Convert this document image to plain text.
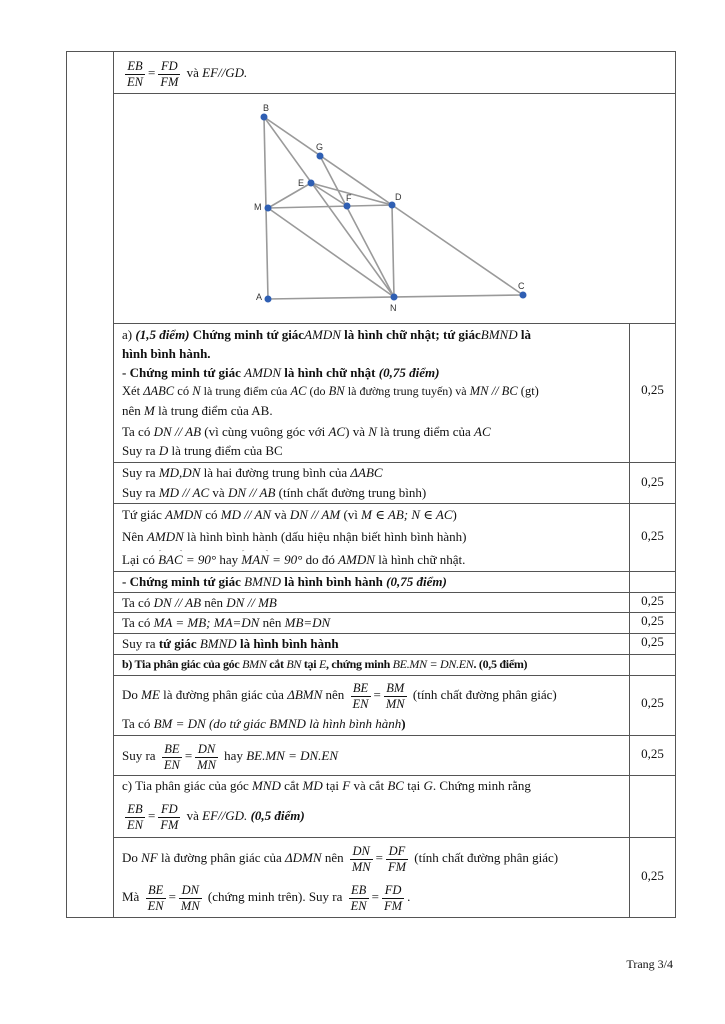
$\frac{EB}{EN} = \frac{FD}{FM}$ và EF//GD.
B
G
E
F	D
M
A
N
C
a) (1,5 điểm) Chứng minh tứ giácAMDN là hình chữ nhật; tứ giácBMND là
hình bình hành.
- Chứng minh tứ giác AMDN là hình chữ nhật (0,75 điểm)
Xét ΔABC có N là trung điểm của AC (do BN là đường trung tuyến) và MN // BC (gt)
nên M là trung điểm của AB.
Ta có DN // AB (vì cùng vuông góc với AC) và N là trung điểm của AC
Suy ra D là trung điểm của BC
0,25
Suy ra MD,DN là hai đường trung bình của ΔABC
Suy ra MD // AC và DN // AB (tính chất đường trung bình)
0,25
Tứ giác AMDN có MD // AN và DN // AM (vì M ∈ AB; N ∈ AC)
Nên AMDN là hình bình hành (dấu hiệu nhận biết hình bình hành)
Lại có BAC = 90° hay MAN = 90° do đó AMDN là hình chữ nhật.
0,25
- Chứng minh tứ giác BMND là hình bình hành (0,75 điểm)
Ta có DN // AB nên DN // MB	0,25
Ta có MA = MB; MA=DN nên MB=DN	0,25
Suy ra tứ giác BMND là hình bình hành	0,25
b) Tia phân giác của góc BMN cắt BN tại E, chứng minh BE.MN = DN.EN. (0,5 điểm)
Do ME là đường phân giác của ΔBMN nên $\frac{BE}{EN} = \frac{BM}{MN}$ (tính chất đường phân giác)
Ta có BM = DN (do tứ giác BMND là hình bình hành)
0,25
Suy ra $\frac{BE}{EN} = \frac{DN}{MN}$ hay BE.MN = DN.EN	0,25
c) Tia phân giác của góc MND cắt MD tại F và cắt BC tại G. Chứng minh rằng
$\frac{EB}{EN} = \frac{FD}{FM}$ và EF//GD. (0,5 điểm)
Do NF là đường phân giác của ΔDMN nên $\frac{DN}{MN} = \frac{DF}{FM}$ (tính chất đường phân giác)
Mà $\frac{BE}{EN} = \frac{DN}{MN}$ (chứng minh trên). Suy ra $\frac{EB}{EN} = \frac{FD}{FM}$ .
0,25
Trang 3/4
